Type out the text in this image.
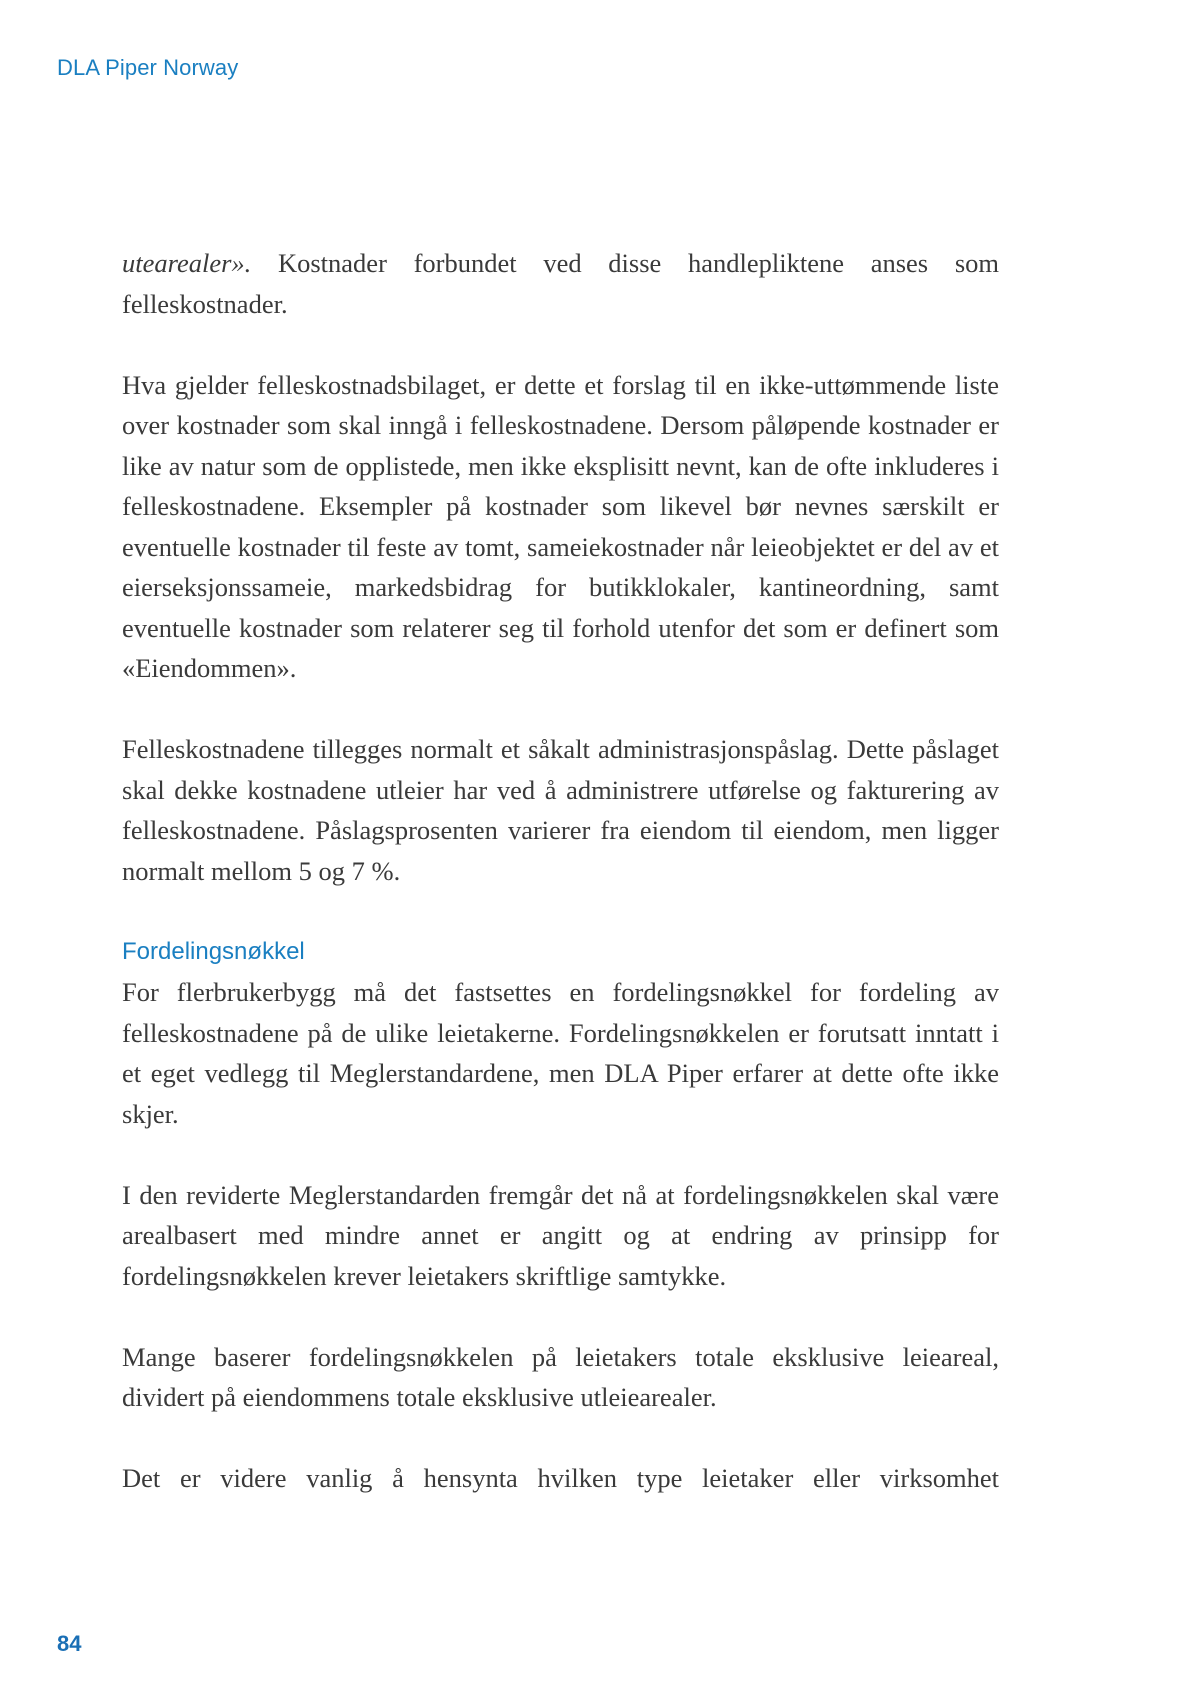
DLA Piper Norway

utearealer». Kostnader forbundet ved disse handlepliktene anses som felleskostnader.

Hva gjelder felleskostnadsbilaget, er dette et forslag til en ikke-uttømmende liste over kostnader som skal inngå i felleskostnadene. Dersom påløpende kostnader er like av natur som de opplistede, men ikke eksplisitt nevnt, kan de ofte inkluderes i felleskostnadene. Eksempler på kostnader som likevel bør nevnes særskilt er eventuelle kostnader til feste av tomt, sameiekostnader når leieobjektet er del av et eierseksjonssameie, markedsbidrag for butikklokaler, kantineordning, samt eventuelle kostnader som relaterer seg til forhold utenfor det som er definert som «Eiendommen».

Felleskostnadene tillegges normalt et såkalt administrasjonspåslag. Dette påslaget skal dekke kostnadene utleier har ved å administrere utførelse og fakturering av felleskostnadene. Påslagsprosenten varierer fra eiendom til eiendom, men ligger normalt mellom 5 og 7 %.

Fordelingsnøkkel

For flerbrukerbygg må det fastsettes en fordelingsnøkkel for fordeling av felleskostnadene på de ulike leietakerne. Fordelingsnøkkelen er forutsatt inntatt i et eget vedlegg til Meglerstandardene, men DLA Piper erfarer at dette ofte ikke skjer.

I den reviderte Meglerstandarden fremgår det nå at fordelingsnøkkelen skal være arealbasert med mindre annet er angitt og at endring av prinsipp for fordelingsnøkkelen krever leietakers skriftlige samtykke.

Mange baserer fordelingsnøkkelen på leietakers totale eksklusive leieareal, dividert på eiendommens totale eksklusive utleiearealer.

Det er videre vanlig å hensynta hvilken type leietaker eller virksomhet

84
